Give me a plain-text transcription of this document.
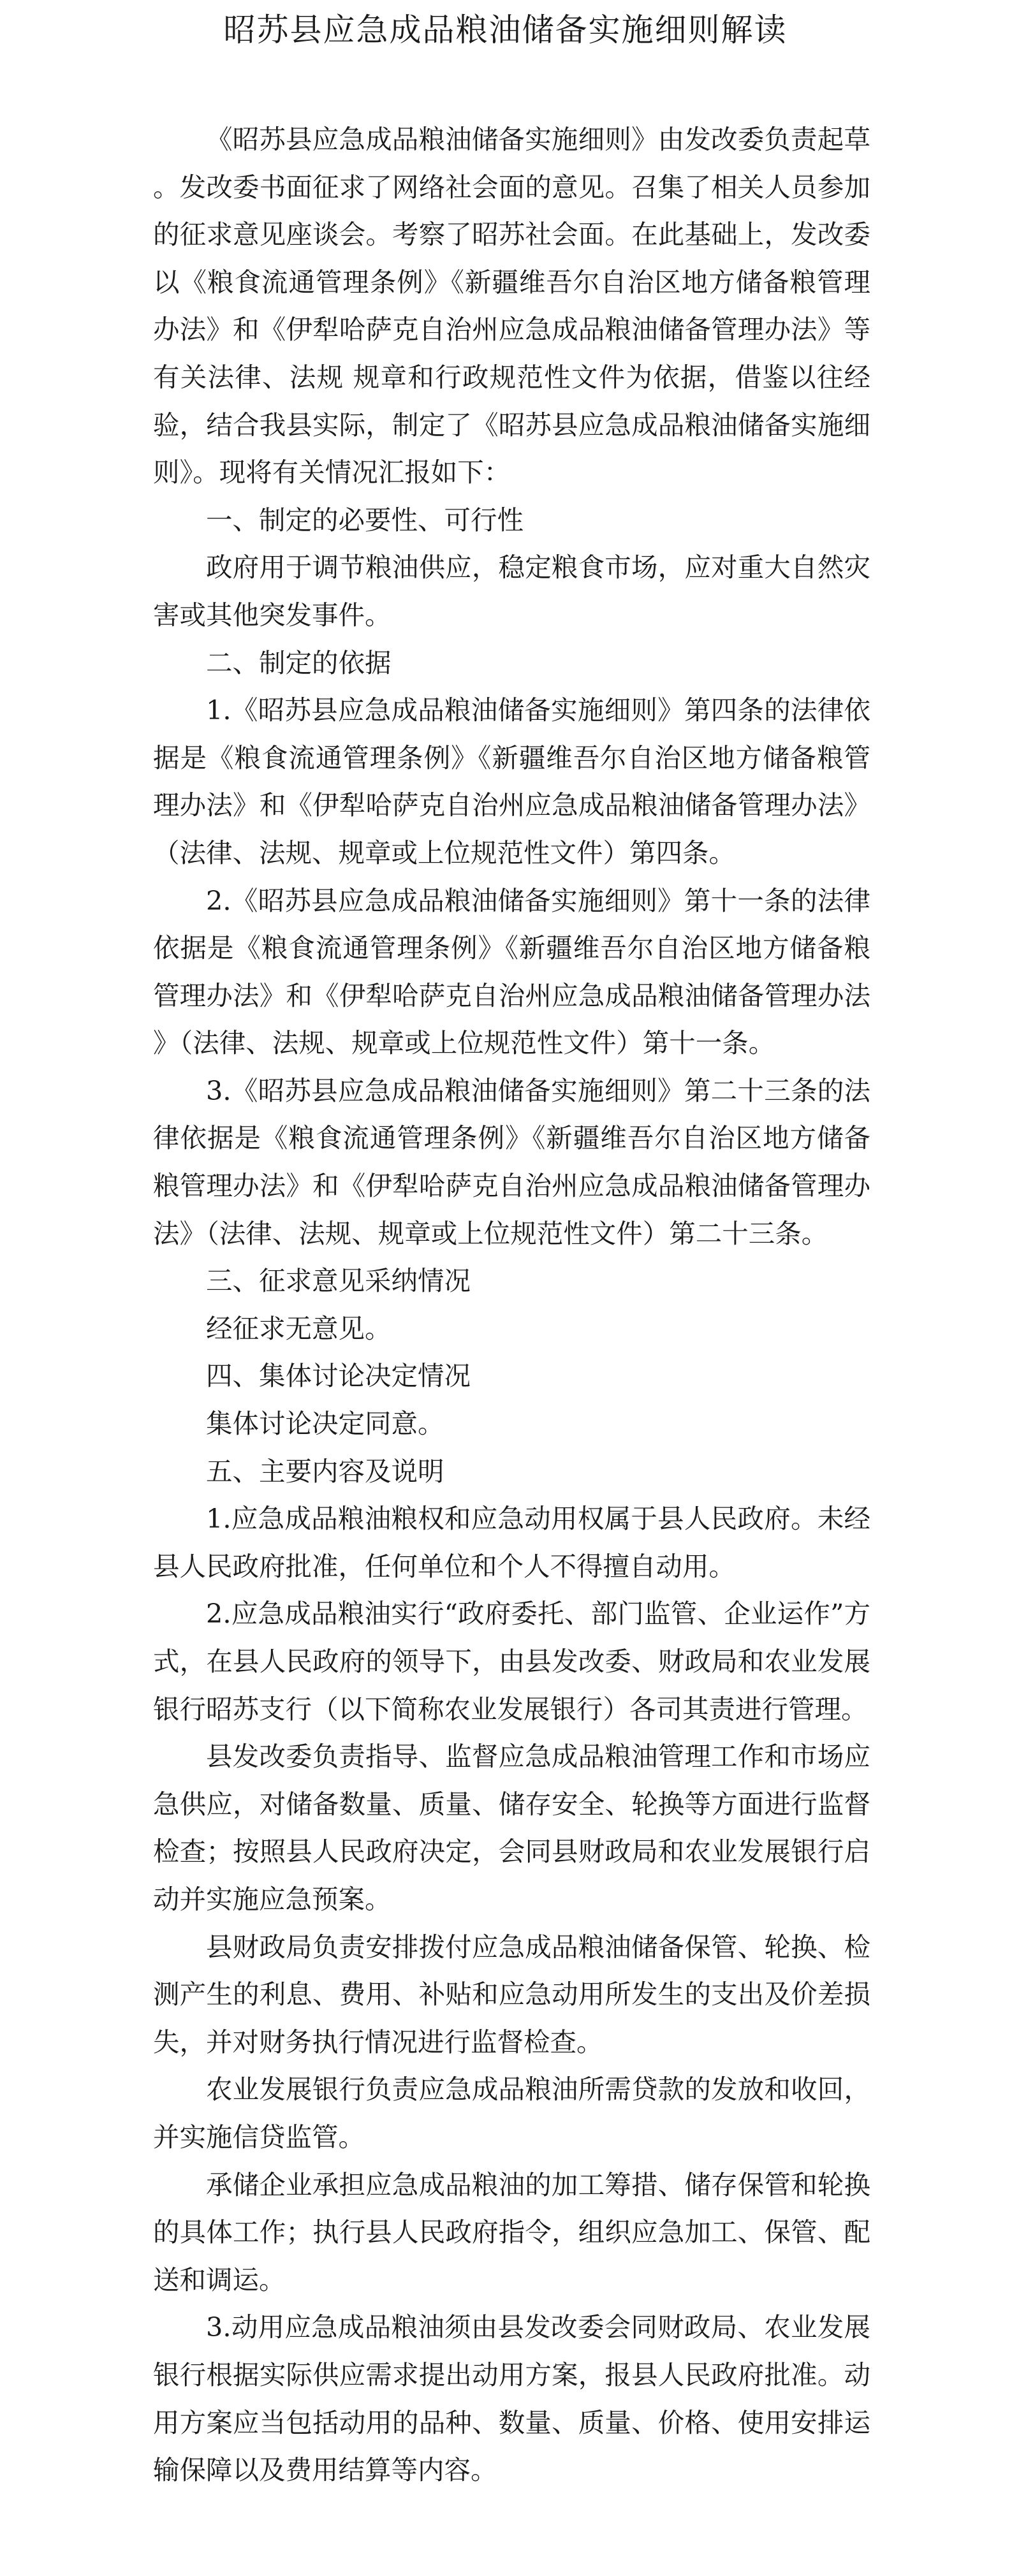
昭苏县应急成品粮油储备实施细则解读

《昭苏县应急成品粮油储备实施细则》由发改委负责起草。发改委书面征求了网络社会面的意见。召集了相关人员参加的征求意见座谈会。考察了昭苏社会面。在此基础上，发改委以《粮食流通管理条例》《新疆维吾尔自治区地方储备粮管理办法》和《伊犁哈萨克自治州应急成品粮油储备管理办法》等有关法律、法规 规章和行政规范性文件为依据，借鉴以往经验，结合我县实际，制定了《昭苏县应急成品粮油储备实施细则》。现将有关情况汇报如下：

一、制定的必要性、可行性

政府用于调节粮油供应，稳定粮食市场，应对重大自然灾害或其他突发事件。

二、制定的依据

1.《昭苏县应急成品粮油储备实施细则》第四条的法律依据是《粮食流通管理条例》《新疆维吾尔自治区地方储备粮管理办法》和《伊犁哈萨克自治州应急成品粮油储备管理办法》（法律、法规、规章或上位规范性文件）第四条。

2.《昭苏县应急成品粮油储备实施细则》第十一条的法律依据是《粮食流通管理条例》《新疆维吾尔自治区地方储备粮管理办法》和《伊犁哈萨克自治州应急成品粮油储备管理办法》（法律、法规、规章或上位规范性文件）第十一条。

3.《昭苏县应急成品粮油储备实施细则》第二十三条的法律依据是《粮食流通管理条例》《新疆维吾尔自治区地方储备粮管理办法》和《伊犁哈萨克自治州应急成品粮油储备管理办法》（法律、法规、规章或上位规范性文件）第二十三条。

三、征求意见采纳情况

经征求无意见。

四、集体讨论决定情况

集体讨论决定同意。

五、主要内容及说明

1.应急成品粮油粮权和应急动用权属于县人民政府。未经县人民政府批准，任何单位和个人不得擅自动用。

2.应急成品粮油实行“政府委托、部门监管、企业运作”方式，在县人民政府的领导下，由县发改委、财政局和农业发展银行昭苏支行（以下简称农业发展银行）各司其责进行管理。

县发改委负责指导、监督应急成品粮油管理工作和市场应急供应，对储备数量、质量、储存安全、轮换等方面进行监督检查；按照县人民政府决定，会同县财政局和农业发展银行启动并实施应急预案。

县财政局负责安排拨付应急成品粮油储备保管、轮换、检测产生的利息、费用、补贴和应急动用所发生的支出及价差损失，并对财务执行情况进行监督检查。

农业发展银行负责应急成品粮油所需贷款的发放和收回，并实施信贷监管。

承储企业承担应急成品粮油的加工筹措、储存保管和轮换的具体工作；执行县人民政府指令，组织应急加工、保管、配送和调运。

3.动用应急成品粮油须由县发改委会同财政局、农业发展银行根据实际供应需求提出动用方案，报县人民政府批准。动用方案应当包括动用的品种、数量、质量、价格、使用安排运输保障以及费用结算等内容。
